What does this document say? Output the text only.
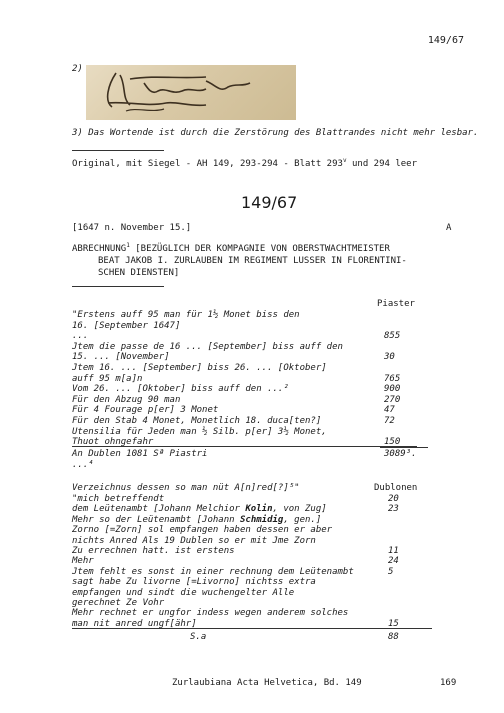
149/67
2)
3) Das Wortende ist durch die Zerstörung des Blattrandes nicht mehr lesbar.
Original, mit Siegel - AH 149, 293-294 - Blatt 293$^v$ und 294 leer
149/67
[1647 n. November 15.]	A
ABRECHNUNG$^1$ [BEZÜGLICH DER KOMPAGNIE VON OBERSTWACHTMEISTER
BEAT JAKOB I. ZURLAUBEN IM REGIMENT LUSSER IN FLORENTINI-
SCHEN DIENSTEN]
Piaster
"Erstens auff 95 man für 1½ Monet biss den
16. [September 1647]
...	855
Jtem die passe de 16 ... [September] biss auff den
15. ... [November]	30
Jtem 16. ... [September] biss 26. ... [Oktober]
auff 95 m[a]n	765
Vom 26. ... [Oktober] biss auff den ...²	900
Für den Abzug 90 man	270
Für 4 Fourage p[er] 3 Monet	47
Für den Stab 4 Monet, Monetlich 18. duca[ten?]	72
Utensilia für Jeden man ½ Silb. p[er] 3½ Monet,
Thuot ohngefahr	150
An Dublen 1081 Sª Piastri	3089³.
...⁴
Verzeichnus dessen so man nüt A[n]red[?]⁵"	Dublonen
"mich betreffendt	20
dem Leütenambt [Johann Melchior Kolin, von Zug]	23
Mehr so der Leütenambt [Johann Schmidig, gen.]
Zorno [=Zorn] sol empfangen haben dessen er aber
nichts Anred Als 19 Dublen so er mit Jme Zorn
Zu errechnen hatt. ist erstens	11
Mehr	24
Jtem fehlt es sonst in einer rechnung dem Leütenambt	5
sagt habe Zu livorne [=Livorno] nichtss extra
empfangen und sindt die wuchengelter Alle
gerechnet Ze Vohr
Mehr rechnet er ungfor indess wegen anderem solches
man nit anred ungf[ähr]	15
S.a	88
Zurlaubiana Acta Helvetica, Bd. 149	169
